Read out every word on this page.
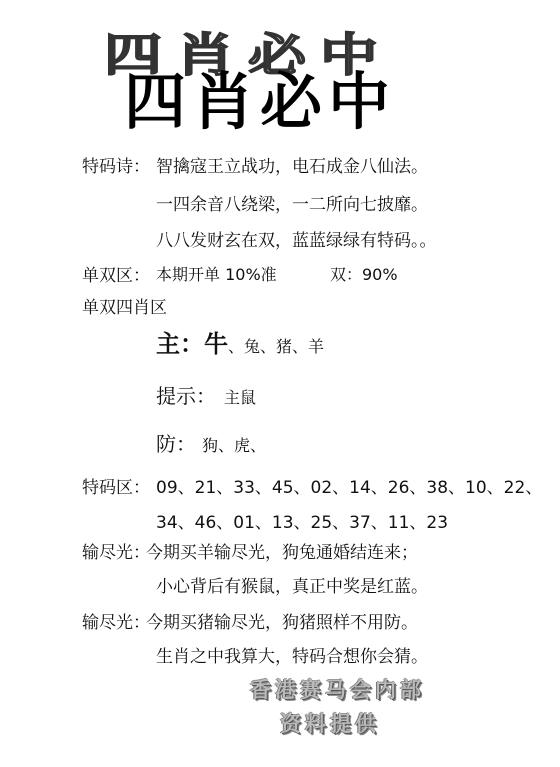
四肖必中
四肖必中
特码诗： 智擒寇王立战功，电石成金八仙法。
一四余音八绕梁，一二所向七披靡。
八八发财玄在双，蓝蓝绿绿有特码。。
单双区： 本期开单 10%准	双：90%
单双四肖区
主：牛、兔、猪、羊
提示： 主鼠
防： 狗、虎、
特码区： 09、21、33、45、02、14、26、38、10、22、
34、46、01、13、25、37、11、23
输尽光：
今期买羊输尽光，狗兔通婚结连来；
小心背后有猴鼠，真正中奖是红蓝。
输尽光：
今期买猪输尽光，狗猪照样不用防。
生肖之中我算大，特码合想你会猜。
香港赛马会内部
资料提供
